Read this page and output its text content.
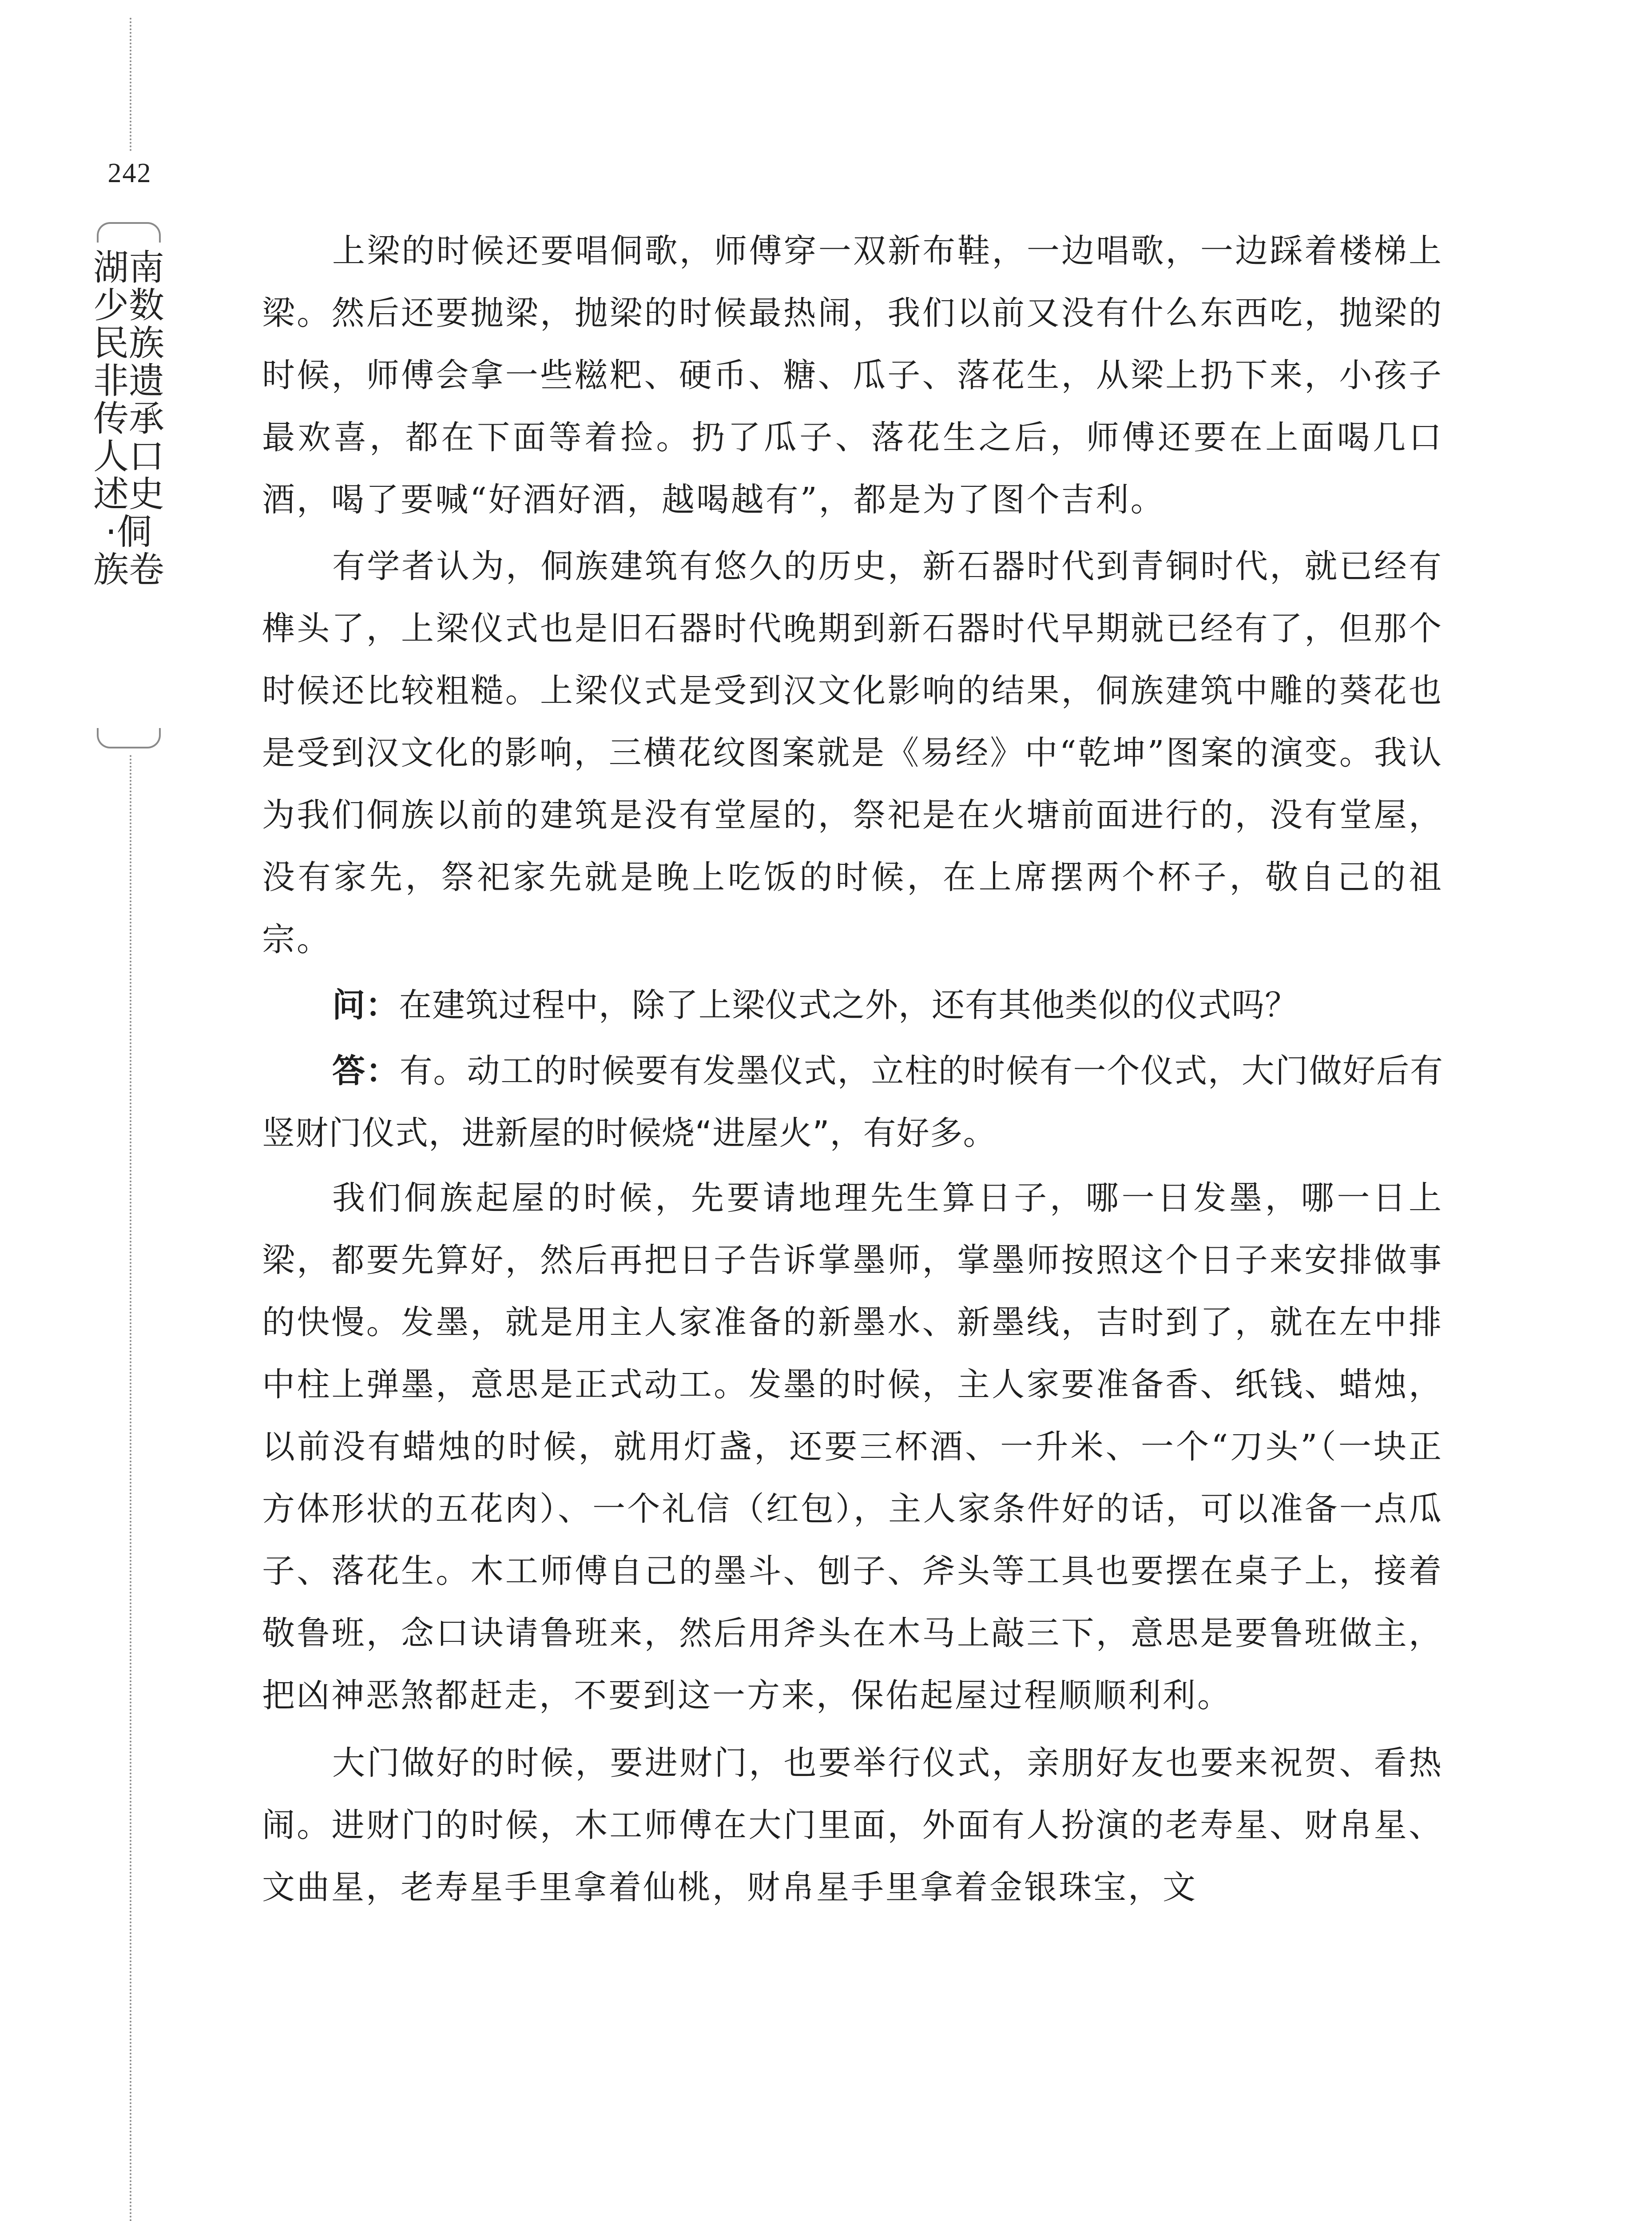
242
湖南少数民族非遗传承人口述史·侗族卷

上梁的时候还要唱侗歌，师傅穿一双新布鞋，一边唱歌，一边踩着楼梯上梁。然后还要抛梁，抛梁的时候最热闹，我们以前又没有什么东西吃，抛梁的时候，师傅会拿一些糍粑、硬币、糖、瓜子、落花生，从梁上扔下来，小孩子最欢喜，都在下面等着捡。扔了瓜子、落花生之后，师傅还要在上面喝几口酒，喝了要喊“好酒好酒，越喝越有”，都是为了图个吉利。

有学者认为，侗族建筑有悠久的历史，新石器时代到青铜时代，就已经有榫头了，上梁仪式也是旧石器时代晚期到新石器时代早期就已经有了，但那个时候还比较粗糙。上梁仪式是受到汉文化影响的结果，侗族建筑中雕的葵花也是受到汉文化的影响，三横花纹图案就是《易经》中“乾坤”图案的演变。我认为我们侗族以前的建筑是没有堂屋的，祭祀是在火塘前面进行的，没有堂屋，没有家先，祭祀家先就是晚上吃饭的时候，在上席摆两个杯子，敬自己的祖宗。

问：在建筑过程中，除了上梁仪式之外，还有其他类似的仪式吗？

答：有。动工的时候要有发墨仪式，立柱的时候有一个仪式，大门做好后有竖财门仪式，进新屋的时候烧“进屋火”，有好多。

我们侗族起屋的时候，先要请地理先生算日子，哪一日发墨，哪一日上梁，都要先算好，然后再把日子告诉掌墨师，掌墨师按照这个日子来安排做事的快慢。发墨，就是用主人家准备的新墨水、新墨线，吉时到了，就在左中排中柱上弹墨，意思是正式动工。发墨的时候，主人家要准备香、纸钱、蜡烛，以前没有蜡烛的时候，就用灯盏，还要三杯酒、一升米、一个“刀头”（一块正方体形状的五花肉）、一个礼信（红包），主人家条件好的话，可以准备一点瓜子、落花生。木工师傅自己的墨斗、刨子、斧头等工具也要摆在桌子上，接着敬鲁班，念口诀请鲁班来，然后用斧头在木马上敲三下，意思是要鲁班做主，把凶神恶煞都赶走，不要到这一方来，保佑起屋过程顺顺利利。

大门做好的时候，要进财门，也要举行仪式，亲朋好友也要来祝贺、看热闹。进财门的时候，木工师傅在大门里面，外面有人扮演的老寿星、财帛星、文曲星，老寿星手里拿着仙桃，财帛星手里拿着金银珠宝，文
